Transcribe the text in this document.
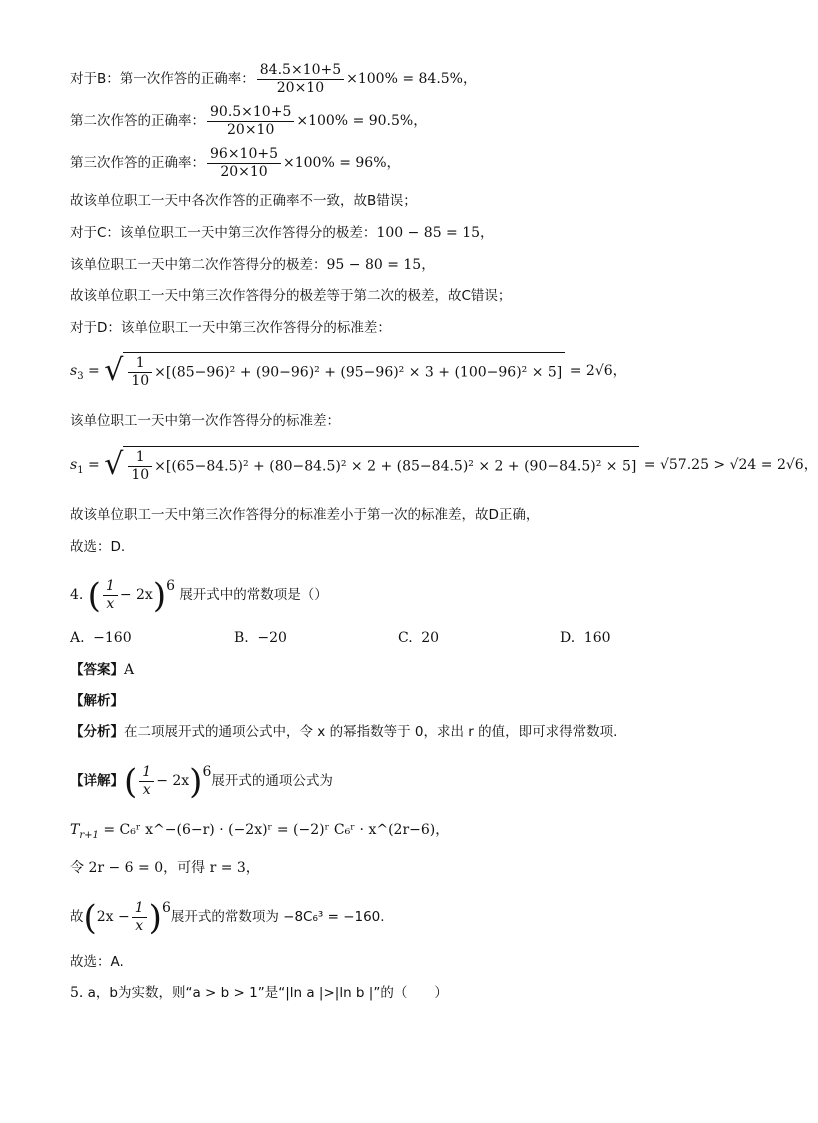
对于B：第一次作答的正确率： $\frac{84.5\times 10+5}{20\times 10} \times 100\% = 84.5\%$，
第二次作答的正确率： $\frac{90.5\times 10+5}{20\times 10} \times 100\% = 90.5\%$，
第三次作答的正确率： $\frac{96\times 10+5}{20\times 10} \times 100\% = 96\%$，
故该单位职工一天中各次作答的正确率不一致，故B错误；
对于C：该单位职工一天中第三次作答得分的极差：100 − 85 = 15，
该单位职工一天中第二次作答得分的极差：95 − 80 = 15，
故该单位职工一天中第三次作答得分的极差等于第二次的极差，故C错误；
对于D：该单位职工一天中第三次作答得分的标准差：
$s_3$ = √ $\frac{1}{10} \times[(85-96)^2 + (90-96)^2 + (95-96)^2 \times 3 + (100-96)^2 \times 5] = 2√6$，
该单位职工一天中第一次作答得分的标准差：
$s_1$ = √ $\frac{1}{10} \times[(65-84.5)^2 + (80-84.5)^2 \times 2 + (85-84.5)^2 \times 2 + (90-84.5)^2 \times 5] = √57.25 > √24 = 2√6$，
故该单位职工一天中第三次作答得分的标准差小于第一次的标准差，故D正确，
故选：D.
4. ( $\frac{1}{x} - 2x)^6$ 展开式中的常数项是（）
A. −160	B. −20	C. 20	D. 160
【答案】A
【解析】
【分析】在二项展开式的通项公式中，令 x 的幂指数等于 0，求出 r 的值，即可求得常数项.
【详解】( $\frac{1}{x} - 2x)^6$展开式的通项公式为
$T_{r+1}$ = C₆ʳ x^−(6−r) · (−2x)ʳ = (−2)ʳ C₆ʳ · x^(2r−6)，
令 2r − 6 = 0，可得 r = 3，
故$(2x - \frac{1}{x} )^6$展开式的常数项为 −8C₆³ = −160.
故选：A.
5. a，b为实数，则“a > b > 1”是“|ln a |>|ln b |”的（　　）
